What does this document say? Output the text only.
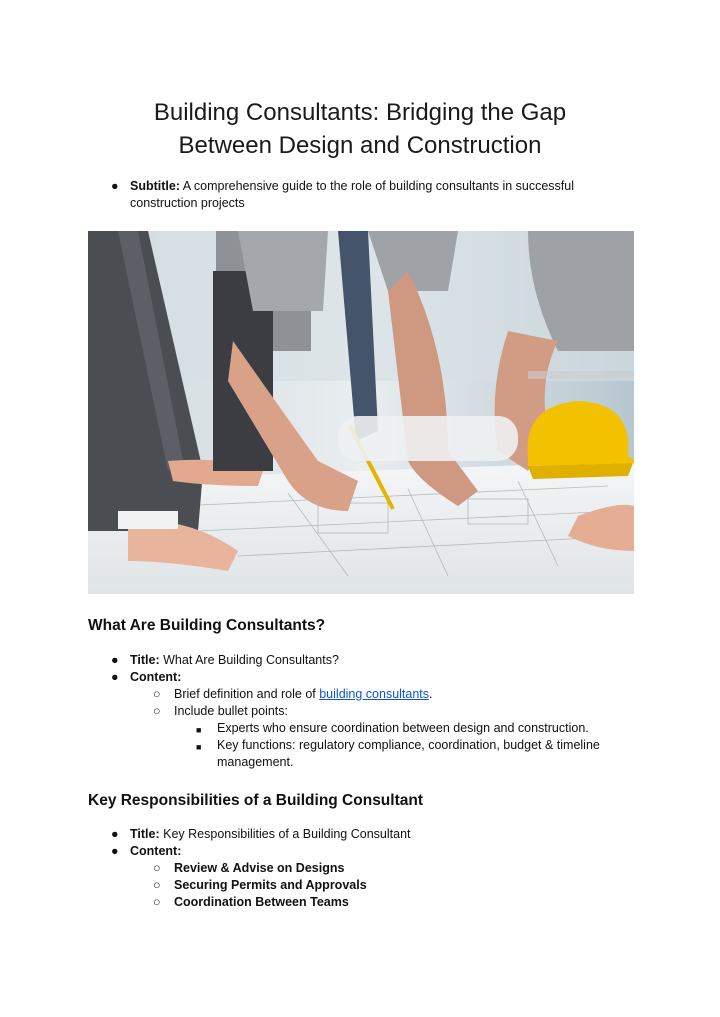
Building Consultants: Bridging the Gap
Between Design and Construction
● Subtitle: A comprehensive guide to the role of building consultants in successful
construction projects
What Are Building Consultants?
● Title: What Are Building Consultants?
● Content:
○ Brief definition and role of building consultants.
○ Include bullet points:
■ Experts who ensure coordination between design and construction.
■ Key functions: regulatory compliance, coordination, budget & timeline
management.
Key Responsibilities of a Building Consultant
● Title: Key Responsibilities of a Building Consultant
● Content:
○ Review & Advise on Designs
○ Securing Permits and Approvals
○ Coordination Between Teams
